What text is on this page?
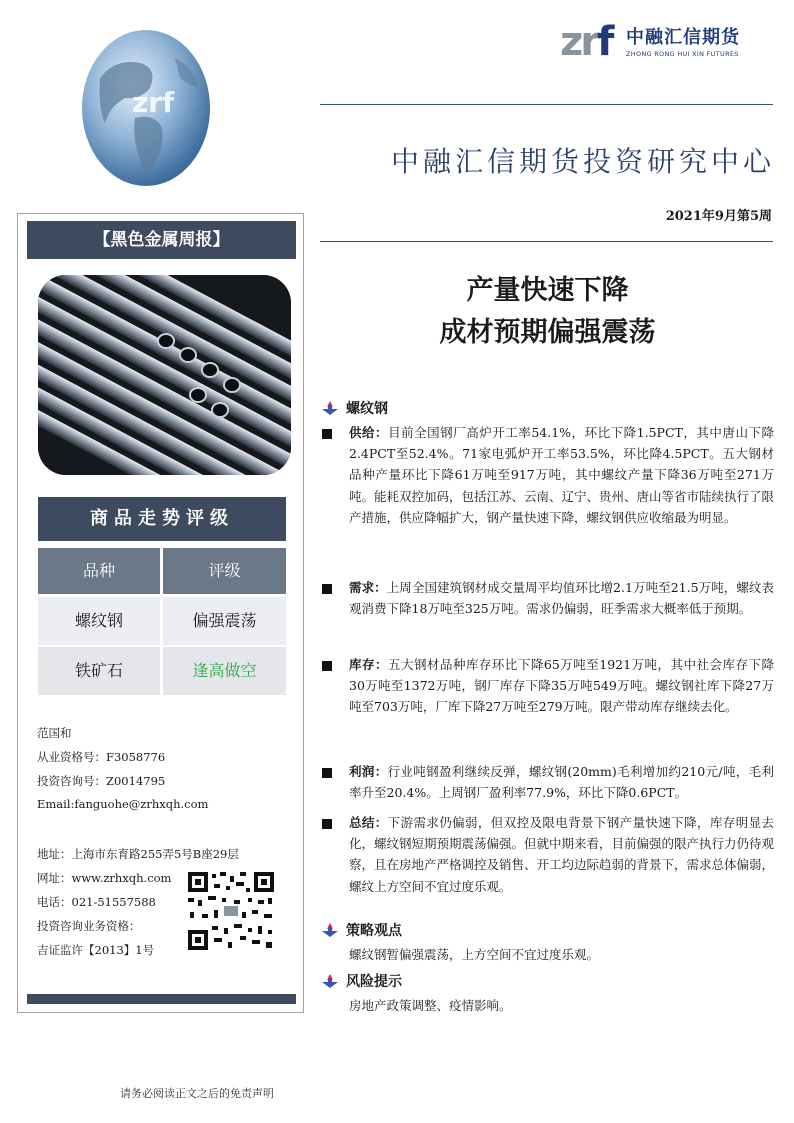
zrf
zrf 中融汇信期货
ZHONG RONG HUI XIN FUTURES
中融汇信期货投资研究中心
2021年9月第5周
产量快速下降
成材预期偏强震荡
【黑色金属周报】
商品走势评级
品种	评级
螺纹钢	偏强震荡
铁矿石	逢高做空
范国和
从业资格号：F3058776
投资咨询号：Z0014795
Email:fanguohe@zrhxqh.com
地址：上海市东育路255弄5号B座29层
网址：www.zrhxqh.com
电话：021-51557588
投资咨询业务资格：
吉证监许【2013】1号
螺纹钢
供给：目前全国钢厂高炉开工率54.1%，环比下降1.5PCT，其中唐山下降2.4PCT至52.4%。71家电弧炉开工率53.5%，环比降4.5PCT。五大钢材品种产量环比下降61万吨至917万吨，其中螺纹产量下降36万吨至271万吨。能耗双控加码，包括江苏、云南、辽宁、贵州、唐山等省市陆续执行了限产措施，供应降幅扩大，钢产量快速下降，螺纹钢供应收缩最为明显。
需求：上周全国建筑钢材成交量周平均值环比增2.1万吨至21.5万吨，螺纹表观消费下降18万吨至325万吨。需求仍偏弱，旺季需求大概率低于预期。
库存：五大钢材品种库存环比下降65万吨至1921万吨，其中社会库存下降30万吨至1372万吨，钢厂库存下降35万吨549万吨。螺纹钢社库下降27万吨至703万吨，厂库下降27万吨至279万吨。限产带动库存继续去化。
利润：行业吨钢盈利继续反弹，螺纹钢(20mm)毛利增加约210元/吨，毛利率升至20.4%。上周钢厂盈利率77.9%，环比下降0.6PCT。
总结：下游需求仍偏弱，但双控及限电背景下钢产量快速下降，库存明显去化，螺纹钢短期预期震荡偏强。但就中期来看，目前偏强的限产执行力仍待观察，且在房地产严格调控及销售、开工均边际趋弱的背景下，需求总体偏弱，螺纹上方空间不宜过度乐观。
策略观点
螺纹钢暂偏强震荡，上方空间不宜过度乐观。
风险提示
房地产政策调整、疫情影响。
请务必阅读正文之后的免责声明
